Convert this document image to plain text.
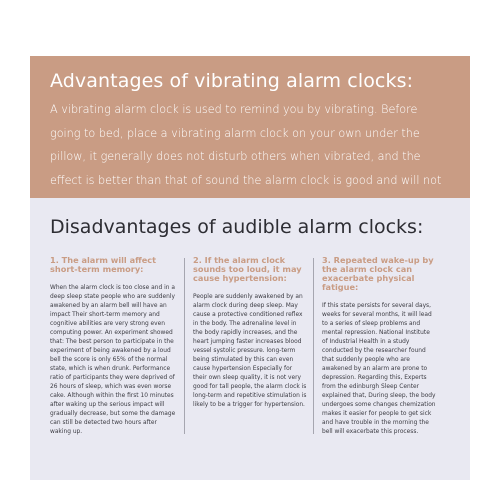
Advantages of vibrating alarm clocks:

A vibrating alarm clock is used to remind you by vibrating. Before going to bed, place a vibrating alarm clock on your own under the pillow, it generally does not disturb others when vibrated, and the effect is better than that of sound the alarm clock is good and will not

Disadvantages of audible alarm clocks:
1. The alarm will affect short-term memory:

When the alarm clock is too close and in a deep sleep state people who are suddenly awakened by an alarm bell will have an impact Their short-term memory and cognitive abilities are very strong even computing power. An experiment showed that: The best person to participate in the experiment of being awakened by a loud bell the score is only 65% of the normal state, which is when drunk. Performance ratio of participants they were deprived of 26 hours of sleep, which was even worse cake. Although within the first 10 minutes after waking up the serious impact will gradually decrease, but some the damage can still be detected two hours after waking up.

2. If the alarm clock sounds too loud, it may cause hypertension:

People are suddenly awakened by an alarm clock during deep sleep. May cause a protective conditioned reflex in the body. The adrenaline level in the body rapidly increases, and the heart jumping faster increases blood vessel systolic pressure. long-term being stimulated by this can even cause hypertension Especially for their own sleep quality, it is not very good for tall people, the alarm clock is long-term and repetitive stimulation is likely to be a trigger for hypertension.

3. Repeated wake-up by the alarm clock can exacerbate physical fatigue:

If this state persists for several days, weeks for several months, it will lead to a series of sleep problems and mental repression. National Institute of Industrial Health in a study conducted by the researcher found that suddenly people who are awakened by an alarm are prone to depression. Regarding this, Experts from the edinburgh Sleep Center explained that, During sleep, the body undergoes some changes chemization makes it easier for people to get sick and have trouble in the morning the bell will exacerbate this process.
